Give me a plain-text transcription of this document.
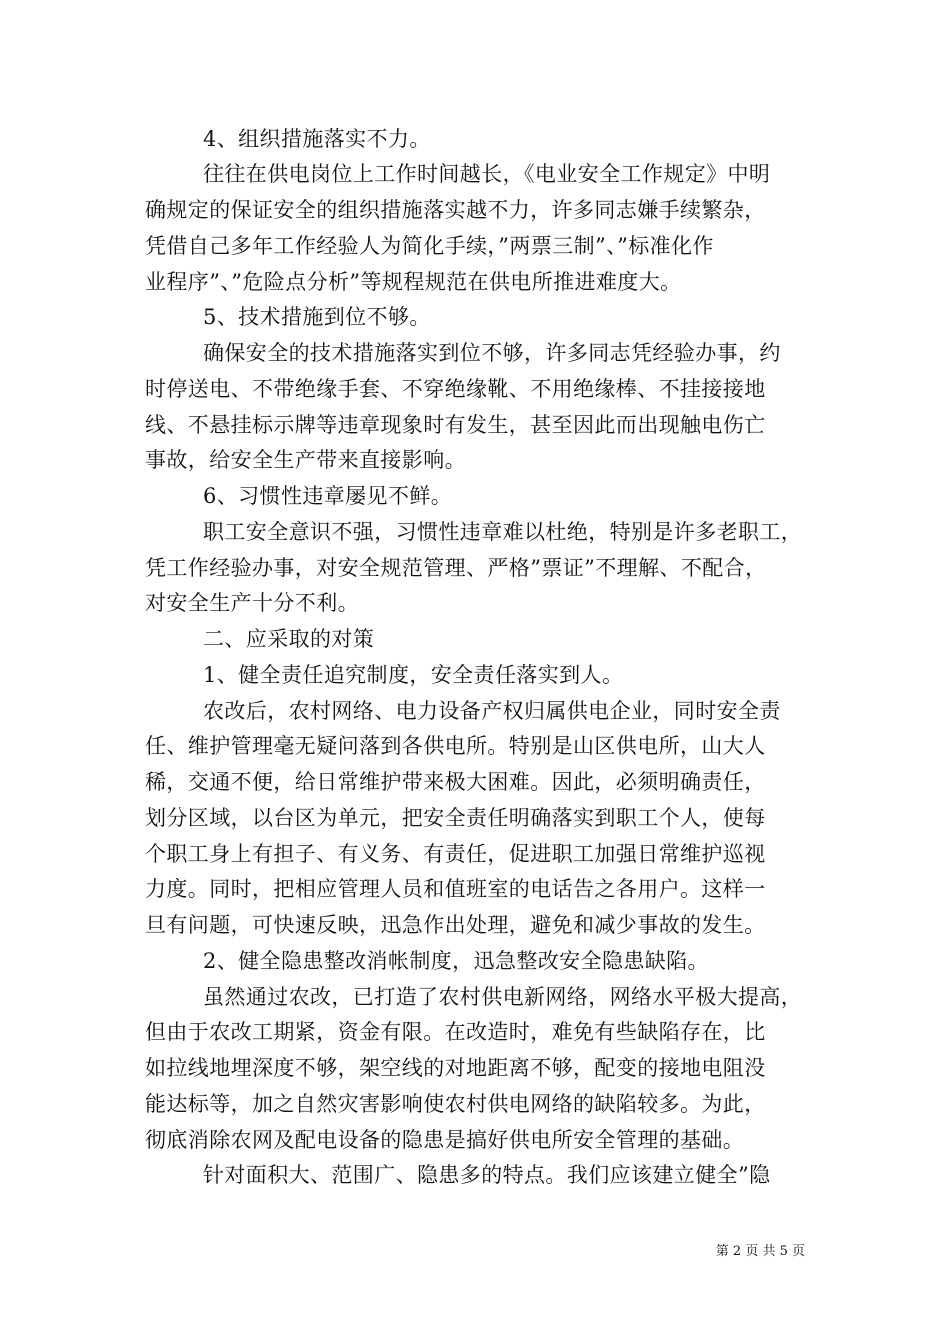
4、组织措施落实不力。
往往在供电岗位上工作时间越长，《电业安全工作规定》中明
确规定的保证安全的组织措施落实越不力，许多同志嫌手续繁杂，
凭借自己多年工作经验人为简化手续，”两票三制”、”标准化作
业程序”、”危险点分析”等规程规范在供电所推进难度大。
5、技术措施到位不够。
确保安全的技术措施落实到位不够，许多同志凭经验办事，约
时停送电、不带绝缘手套、不穿绝缘靴、不用绝缘棒、不挂接接地
线、不悬挂标示牌等违章现象时有发生，甚至因此而出现触电伤亡
事故，给安全生产带来直接影响。
6、习惯性违章屡见不鲜。
职工安全意识不强，习惯性违章难以杜绝，特别是许多老职工，
凭工作经验办事，对安全规范管理、严格”票证”不理解、不配合，
对安全生产十分不利。
二、应采取的对策
1、健全责任追究制度，安全责任落实到人。
农改后，农村网络、电力设备产权归属供电企业，同时安全责
任、维护管理毫无疑问落到各供电所。特别是山区供电所，山大人
稀，交通不便，给日常维护带来极大困难。因此，必须明确责任，
划分区域，以台区为单元，把安全责任明确落实到职工个人，使每
个职工身上有担子、有义务、有责任，促进职工加强日常维护巡视
力度。同时，把相应管理人员和值班室的电话告之各用户。这样一
旦有问题，可快速反映，迅急作出处理，避免和减少事故的发生。
2、健全隐患整改消帐制度，迅急整改安全隐患缺陷。
虽然通过农改，已打造了农村供电新网络，网络水平极大提高，
但由于农改工期紧，资金有限。在改造时，难免有些缺陷存在，比
如拉线地埋深度不够，架空线的对地距离不够，配变的接地电阻没
能达标等，加之自然灾害影响使农村供电网络的缺陷较多。为此，
彻底消除农网及配电设备的隐患是搞好供电所安全管理的基础。
针对面积大、范围广、隐患多的特点。我们应该建立健全”隐
第 2 页 共 5 页
